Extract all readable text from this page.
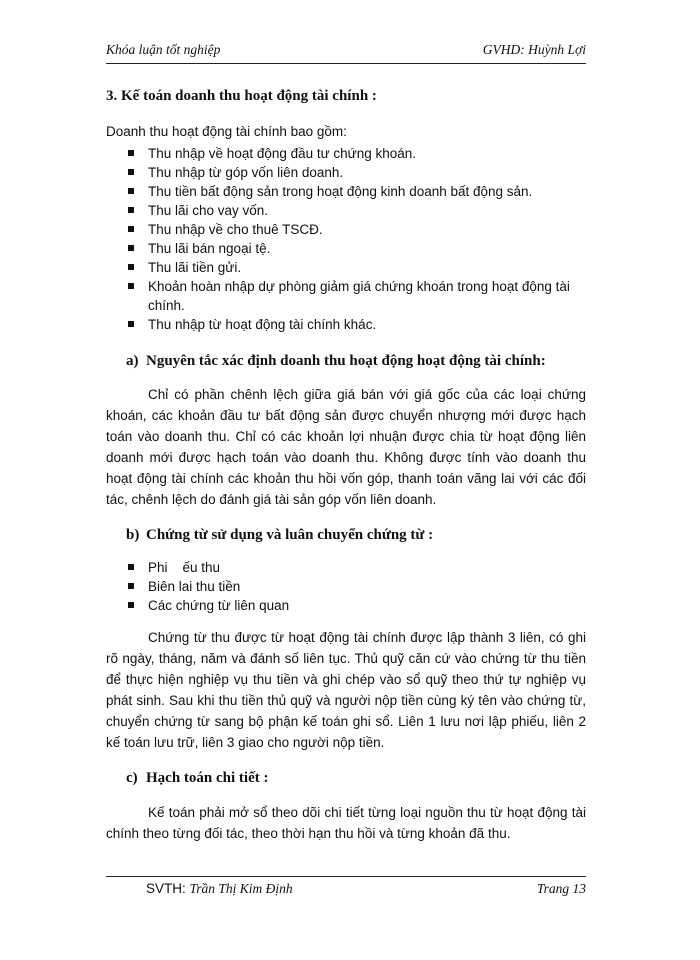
Khóa luận tốt nghiệp	GVHD: Huỳnh Lợi
3. Kế toán doanh thu hoạt động tài chính :

Doanh thu hoạt động tài chính bao gồm:

Thu nhập về hoạt động đầu tư chứng khoán.
Thu nhập từ góp vốn liên doanh.
Thu tiền bất động sản trong hoạt động kinh doanh bất động sản.
Thu lãi cho vay vốn.
Thu nhập về cho thuê TSCĐ.
Thu lãi bán ngoại tệ.
Thu lãi tiền gửi.
Khoản hoàn nhập dự phòng giảm giá chứng khoán trong hoạt động tài chính.
Thu nhập từ hoạt động tài chính khác.
a) Nguyên tắc xác định doanh thu hoạt động hoạt động tài chính:

Chỉ có phần chênh lệch giữa giá bán với giá gốc của các loại chứng khoán, các khoản đầu tư bất động sản được chuyển nhượng mới được hạch toán vào doanh thu. Chỉ có các khoản lợi nhuận được chia từ hoạt động liên doanh mới được hạch toán vào doanh thu. Không được tính vào doanh thu hoạt động tài chính các khoản thu hồi vốn góp, thanh toán vãng lai với các đối tác, chênh lệch do đánh giá tài sản góp vốn liên doanh.

b) Chứng từ sử dụng và luân chuyển chứng từ :
Phi    ếu thu
Biên lai thu tiền
Các chứng từ liên quan

Chứng từ thu được từ hoạt động tài chính được lập thành 3 liên, có ghi rõ ngày, tháng, năm và đánh số liên tục. Thủ quỹ căn cứ vào chứng từ thu tiền để thực hiện nghiệp vụ thu tiền và ghi chép vào sổ quỹ theo thứ tự nghiệp vụ phát sinh. Sau khi thu tiền thủ quỹ và người nộp tiền cùng ký tên vào chứng từ, chuyển chứng từ sang bộ phận kế toán ghi sổ. Liên 1 lưu nơi lập phiếu, liên 2 kế toán lưu trữ, liên 3 giao cho người nộp tiền.

c) Hạch toán chi tiết :

Kế toán phải mở sổ theo dõi chi tiết từng loại nguồn thu từ hoạt động tài chính theo từng đối tác, theo thời hạn thu hồi và từng khoản đã thu.

SVTH: Trần Thị Kim Định	Trang 13
